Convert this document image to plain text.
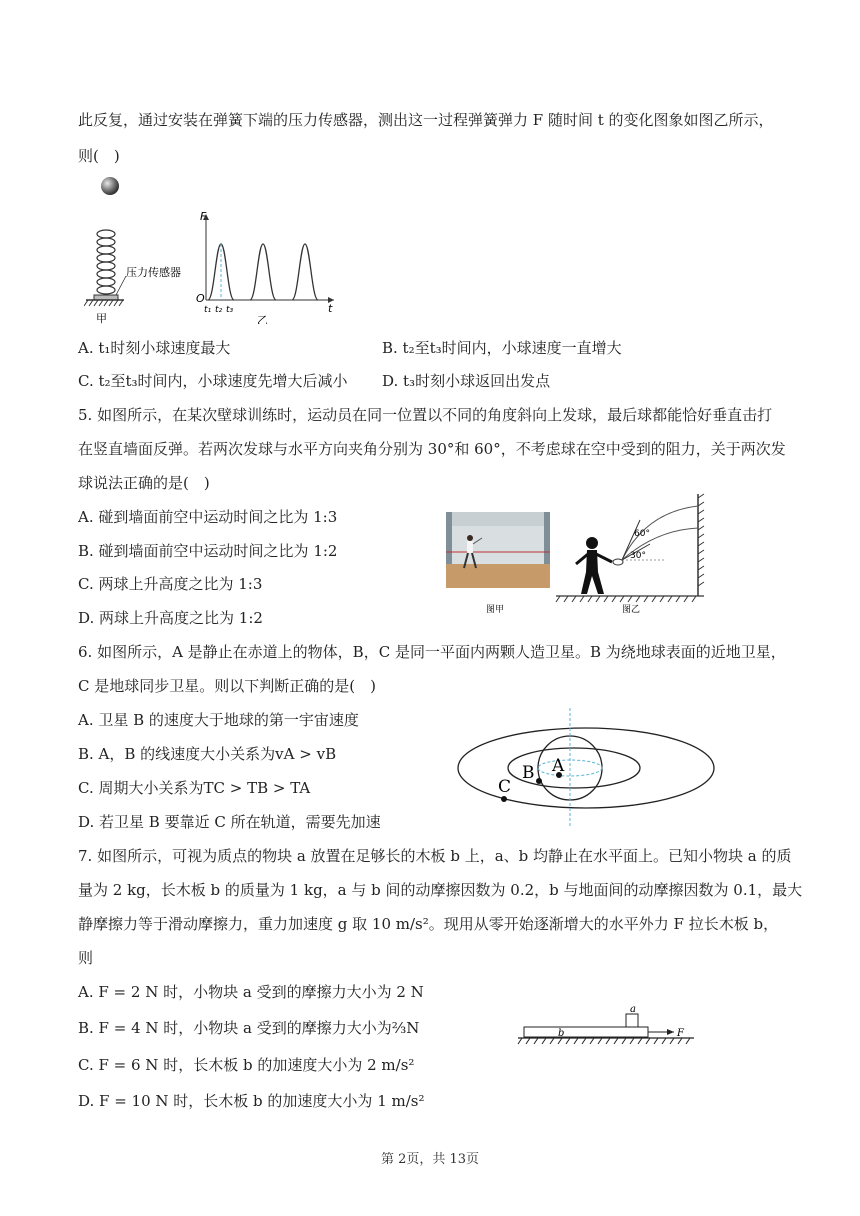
此反复，通过安装在弹簧下端的压力传感器，测出这一过程弹簧弹力 F 随时间 t 的变化图象如图乙所示，
则(　)
压力传感器
甲
F
t
O
t₁ t₂ t₃
乙
A. t₁时刻小球速度最大	B. t₂至t₃时间内，小球速度一直增大
C. t₂至t₃时间内，小球速度先增大后减小 D. t₃时刻小球返回出发点
5. 如图所示，在某次壁球训练时，运动员在同一位置以不同的角度斜向上发球，最后球都能恰好垂直击打
在竖直墙面反弹。若两次发球与水平方向夹角分别为 30°和 60°，不考虑球在空中受到的阻力，关于两次发
球说法正确的是(　)
A. 碰到墙面前空中运动时间之比为 1:3
B. 碰到墙面前空中运动时间之比为 1:2
C. 两球上升高度之比为 1:3
D. 两球上升高度之比为 1:2	图甲
60°
30°
图乙
6. 如图所示，A 是静止在赤道上的物体，B，C 是同一平面内两颗人造卫星。B 为绕地球表面的近地卫星，
C 是地球同步卫星。则以下判断正确的是(　)
A. 卫星 B 的速度大于地球的第一宇宙速度
B. A，B 的线速度大小关系为vA > vB
C. 周期大小关系为TC > TB > TA
D. 若卫星 B 要靠近 C 所在轨道，需要先加速
A
B
C
7. 如图所示，可视为质点的物块 a 放置在足够长的木板 b 上，a、b 均静止在水平面上。已知小物块 a 的质
量为 2 kg，长木板 b 的质量为 1 kg，a 与 b 间的动摩擦因数为 0.2，b 与地面间的动摩擦因数为 0.1，最大
静摩擦力等于滑动摩擦力，重力加速度 g 取 10 m/s²。现用从零开始逐渐增大的水平外力 F 拉长木板 b，
则
A. F = 2 N 时，小物块 a 受到的摩擦力大小为 2 N
B. F = 4 N 时，小物块 a 受到的摩擦力大小为⅔N
C. F = 6 N 时，长木板 b 的加速度大小为 2 m/s²
D. F = 10 N 时，长木板 b 的加速度大小为 1 m/s²
a
b	F
第 2页，共 13页
